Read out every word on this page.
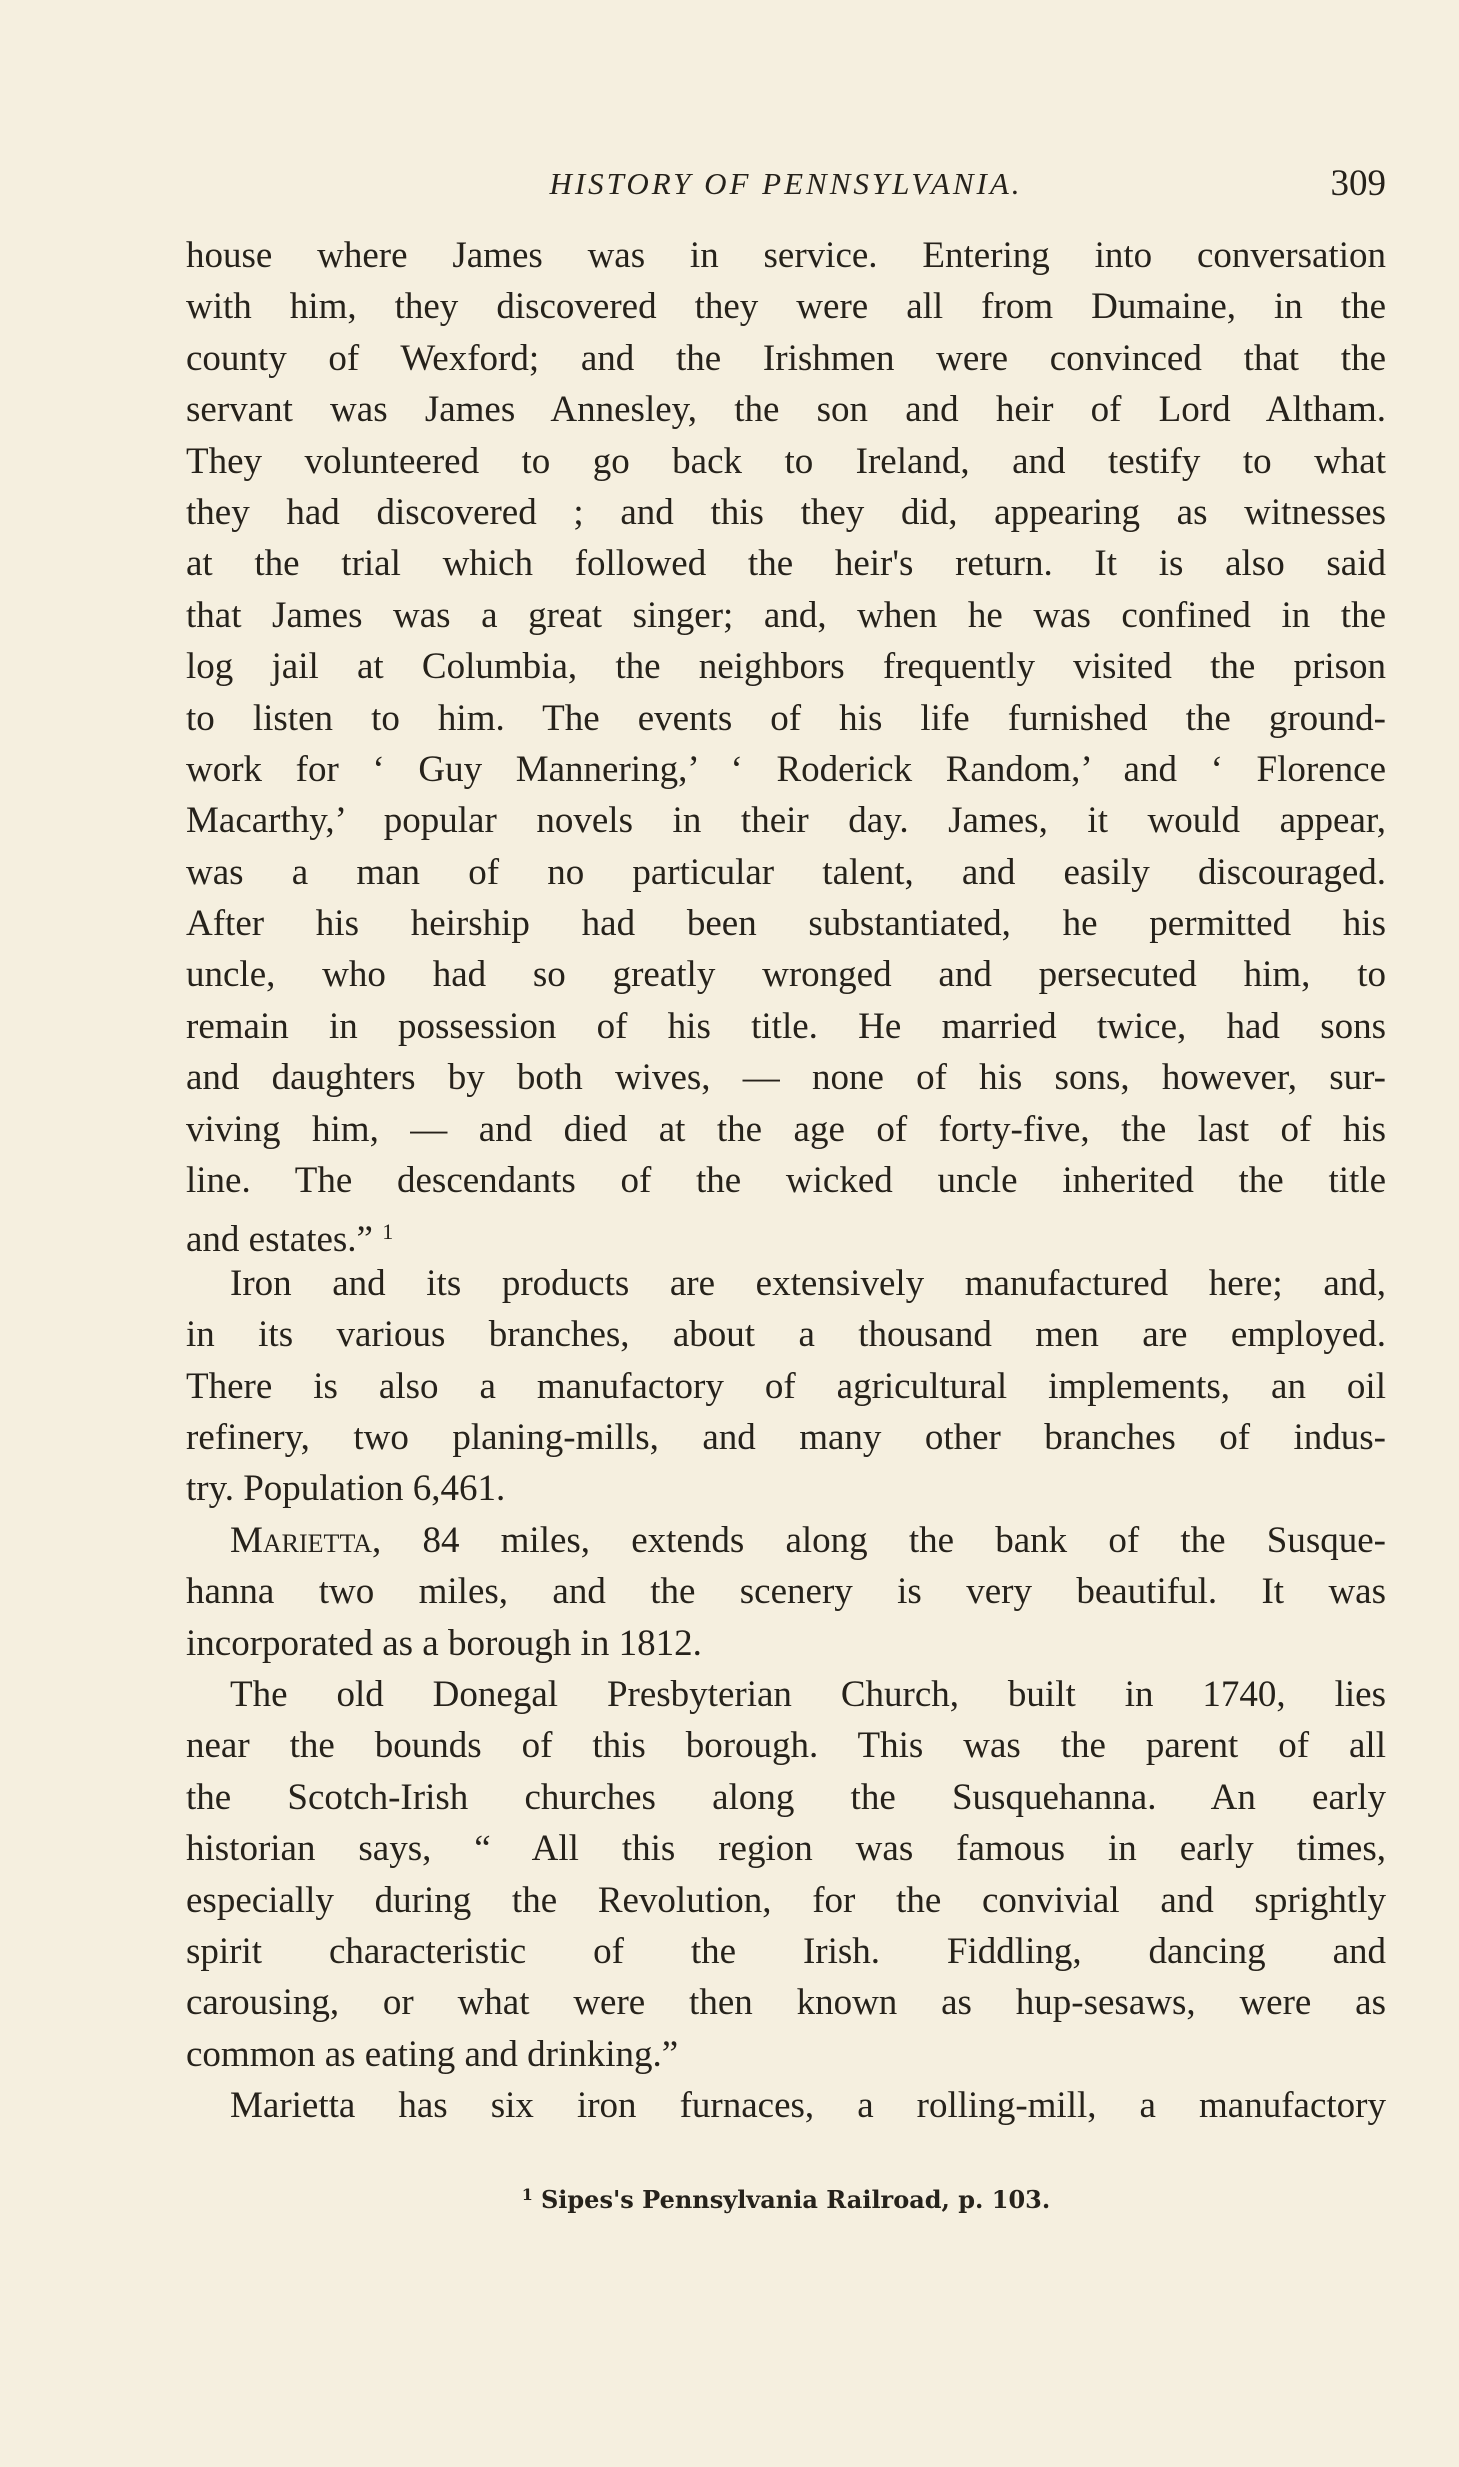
HISTORY OF PENNSYLVANIA.	309
house where James was in service. Entering into conversation
with him, they discovered they were all from Dumaine, in the
county of Wexford; and the Irishmen were convinced that the
servant was James Annesley, the son and heir of Lord Altham.
They volunteered to go back to Ireland, and testify to what
they had discovered ; and this they did, appearing as witnesses
at the trial which followed the heir's return. It is also said
that James was a great singer; and, when he was confined in the
log jail at Columbia, the neighbors frequently visited the prison
to listen to him. The events of his life furnished the ground-
work for ‘ Guy Mannering,’ ‘ Roderick Random,’ and ‘ Florence
Macarthy,’ popular novels in their day. James, it would appear,
was a man of no particular talent, and easily discouraged.
After his heirship had been substantiated, he permitted his
uncle, who had so greatly wronged and persecuted him, to
remain in possession of his title. He married twice, had sons
and daughters by both wives, — none of his sons, however, sur-
viving him, — and died at the age of forty-five, the last of his
line. The descendants of the wicked uncle inherited the title
and estates.” $^1$
Iron and its products are extensively manufactured here; and,
in its various branches, about a thousand men are employed.
There is also a manufactory of agricultural implements, an oil
refinery, two planing-mills, and many other branches of indus-
try. Population 6,461.
Marietta, 84 miles, extends along the bank of the Susque-
hanna two miles, and the scenery is very beautiful. It was
incorporated as a borough in 1812.
The old Donegal Presbyterian Church, built in 1740, lies
near the bounds of this borough. This was the parent of all
the Scotch-Irish churches along the Susquehanna. An early
historian says, “ All this region was famous in early times,
especially during the Revolution, for the convivial and sprightly
spirit characteristic of the Irish. Fiddling, dancing and
carousing, or what were then known as hup-sesaws, were as
common as eating and drinking.”
Marietta has six iron furnaces, a rolling-mill, a manufactory
$^1$ Sipes's Pennsylvania Railroad, p. 103.
